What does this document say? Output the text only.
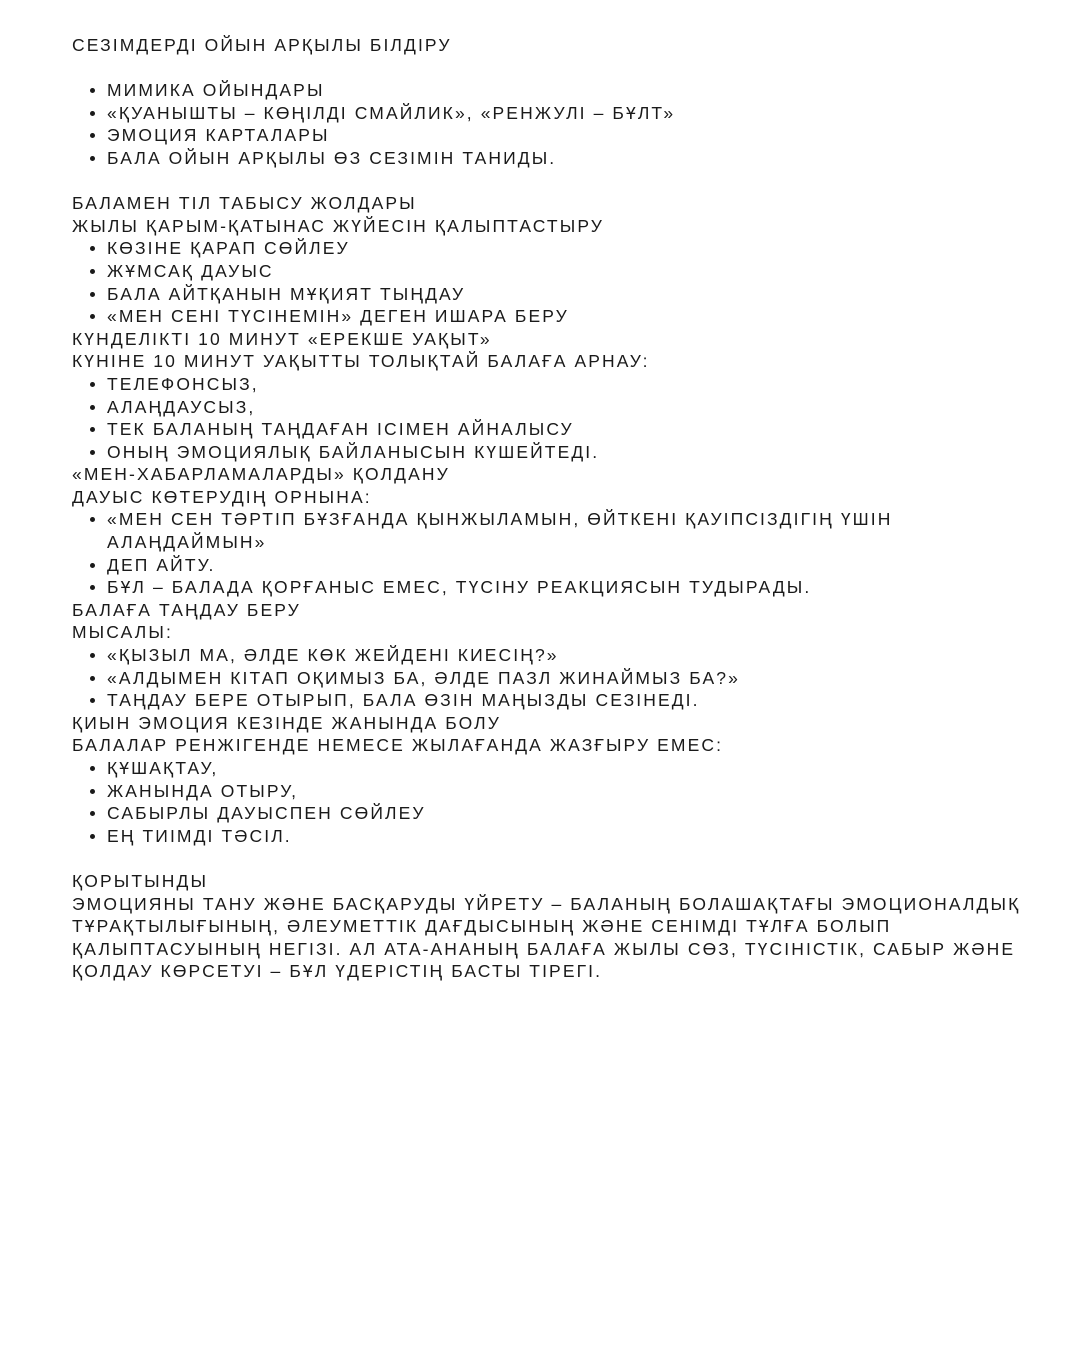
СЕЗІМДЕРДІ ОЙЫН АРҚЫЛЫ БІЛДІРУ
МИМИКА ОЙЫНДАРЫ
«ҚУАНЫШТЫ – КӨҢІЛДІ СМАЙЛИК», «РЕНЖУЛІ – БҰЛТ»
ЭМОЦИЯ КАРТАЛАРЫ
БАЛА ОЙЫН АРҚЫЛЫ ӨЗ СЕЗІМІН ТАНИДЫ.
БАЛАМЕН ТІЛ ТАБЫСУ ЖОЛДАРЫ
ЖЫЛЫ ҚАРЫМ-ҚАТЫНАС ЖҮЙЕСІН ҚАЛЫПТАСТЫРУ
КӨЗІНЕ ҚАРАП СӨЙЛЕУ
ЖҰМСАҚ ДАУЫС
БАЛА АЙТҚАНЫН МҰҚИЯТ ТЫҢДАУ
«МЕН СЕНІ ТҮСІНЕМІН» ДЕГЕН ИШАРА БЕРУ
КҮНДЕЛІКТІ 10 МИНУТ «ЕРЕКШЕ УАҚЫТ»
КҮНІНЕ 10 МИНУТ УАҚЫТТЫ ТОЛЫҚТАЙ БАЛАҒА АРНАУ:
ТЕЛЕФОНСЫЗ,
АЛАҢДАУСЫЗ,
ТЕК БАЛАНЫҢ ТАҢДАҒАН ІСІМЕН АЙНАЛЫСУ
ОНЫҢ ЭМОЦИЯЛЫҚ БАЙЛАНЫСЫН КҮШЕЙТЕДІ.
«МЕН-ХАБАРЛАМАЛАРДЫ» ҚОЛДАНУ
ДАУЫС КӨТЕРУДІҢ ОРНЫНА:
«МЕН СЕН ТӘРТІП БҰЗҒАНДА ҚЫНЖЫЛАМЫН, ӨЙТКЕНІ ҚАУІПСІЗДІГІҢ ҮШІН АЛАҢДАЙМЫН»
ДЕП АЙТУ.
БҰЛ – БАЛАДА ҚОРҒАНЫС ЕМЕС, ТҮСІНУ РЕАКЦИЯСЫН ТУДЫРАДЫ.
БАЛАҒА ТАҢДАУ БЕРУ
МЫСАЛЫ:
«ҚЫЗЫЛ МА, ӘЛДЕ КӨК ЖЕЙДЕНІ КИЕСІҢ?»
«АЛДЫМЕН КІТАП ОҚИМЫЗ БА, ӘЛДЕ ПАЗЛ ЖИНАЙМЫЗ БА?»
ТАҢДАУ БЕРЕ ОТЫРЫП, БАЛА ӨЗІН МАҢЫЗДЫ СЕЗІНЕДІ.
ҚИЫН ЭМОЦИЯ КЕЗІНДЕ ЖАНЫНДА БОЛУ
БАЛАЛАР РЕНЖІГЕНДЕ НЕМЕСЕ ЖЫЛАҒАНДА ЖАЗҒЫРУ ЕМЕС:
ҚҰШАҚТАУ,
ЖАНЫНДА ОТЫРУ,
САБЫРЛЫ ДАУЫСПЕН СӨЙЛЕУ
ЕҢ ТИІМДІ ТӘСІЛ.
ҚОРЫТЫНДЫ
ЭМОЦИЯНЫ ТАНУ ЖӘНЕ БАСҚАРУДЫ ҮЙРЕТУ – БАЛАНЫҢ БОЛАШАҚТАҒЫ ЭМОЦИОНАЛДЫҚ ТҰРАҚТЫЛЫҒЫНЫҢ, ӘЛЕУМЕТТІК ДАҒДЫСЫНЫҢ ЖӘНЕ СЕНІМДІ ТҰЛҒА БОЛЫП ҚАЛЫПТАСУЫНЫҢ НЕГІЗІ. АЛ АТА-АНАНЫҢ БАЛАҒА ЖЫЛЫ СӨЗ, ТҮСІНІСТІК, САБЫР ЖӘНЕ ҚОЛДАУ КӨРСЕТУІ – БҰЛ ҮДЕРІСТІҢ БАСТЫ ТІРЕГІ.
